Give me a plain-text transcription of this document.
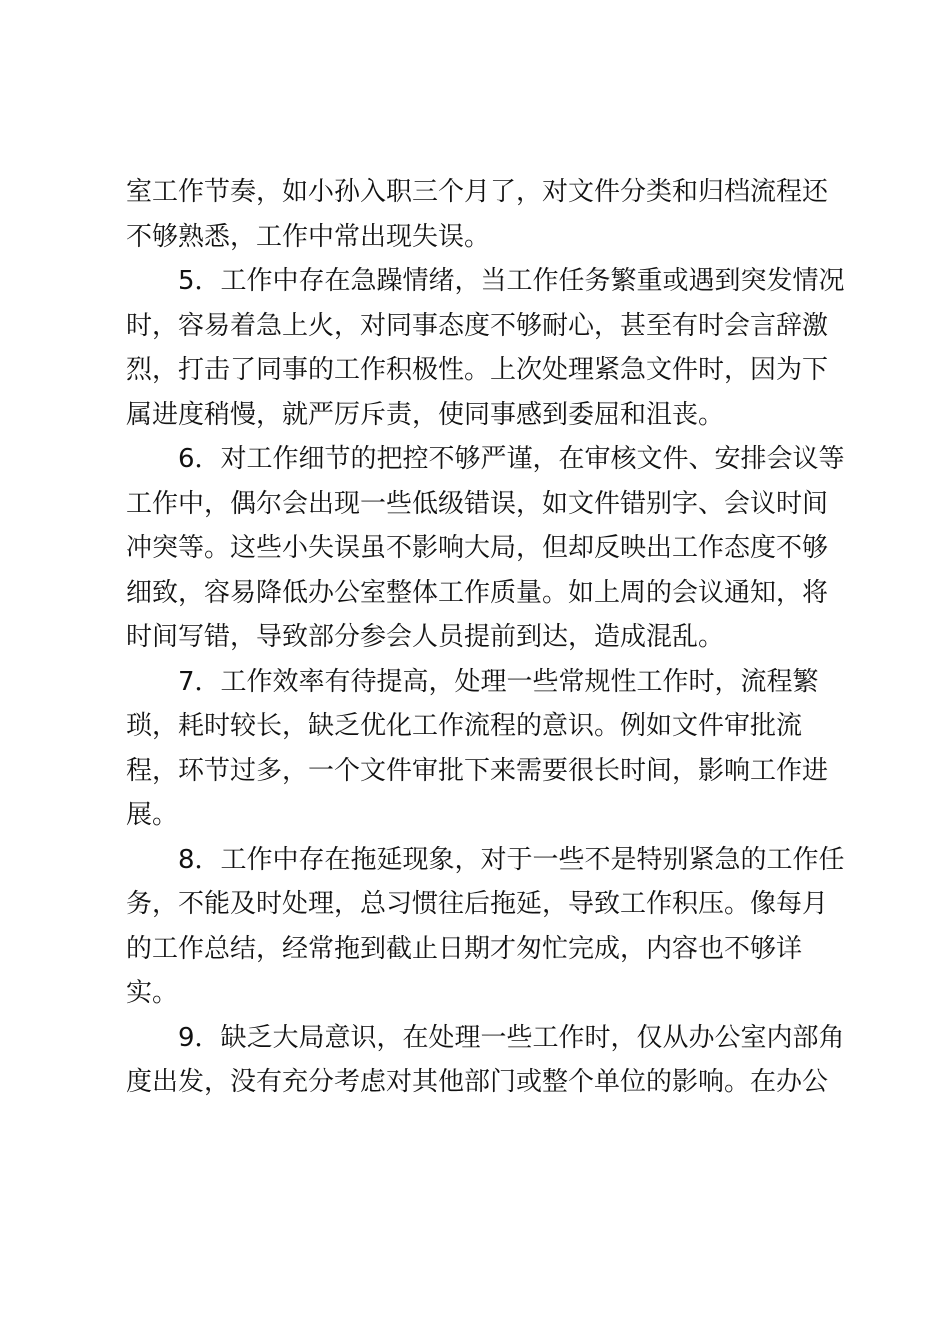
室工作节奏，如小孙入职三个月了，对文件分类和归档流程还
不够熟悉，工作中常出现失误。
5．工作中存在急躁情绪，当工作任务繁重或遇到突发情况
时，容易着急上火，对同事态度不够耐心，甚至有时会言辞激
烈，打击了同事的工作积极性。上次处理紧急文件时，因为下
属进度稍慢，就严厉斥责，使同事感到委屈和沮丧。
6．对工作细节的把控不够严谨，在审核文件、安排会议等
工作中，偶尔会出现一些低级错误，如文件错别字、会议时间
冲突等。这些小失误虽不影响大局，但却反映出工作态度不够
细致，容易降低办公室整体工作质量。如上周的会议通知，将
时间写错，导致部分参会人员提前到达，造成混乱。
7．工作效率有待提高，处理一些常规性工作时，流程繁
琐，耗时较长，缺乏优化工作流程的意识。例如文件审批流
程，环节过多，一个文件审批下来需要很长时间，影响工作进
展。
8．工作中存在拖延现象，对于一些不是特别紧急的工作任
务，不能及时处理，总习惯往后拖延，导致工作积压。像每月
的工作总结，经常拖到截止日期才匆忙完成，内容也不够详
实。
9．缺乏大局意识，在处理一些工作时，仅从办公室内部角
度出发，没有充分考虑对其他部门或整个单位的影响。在办公
